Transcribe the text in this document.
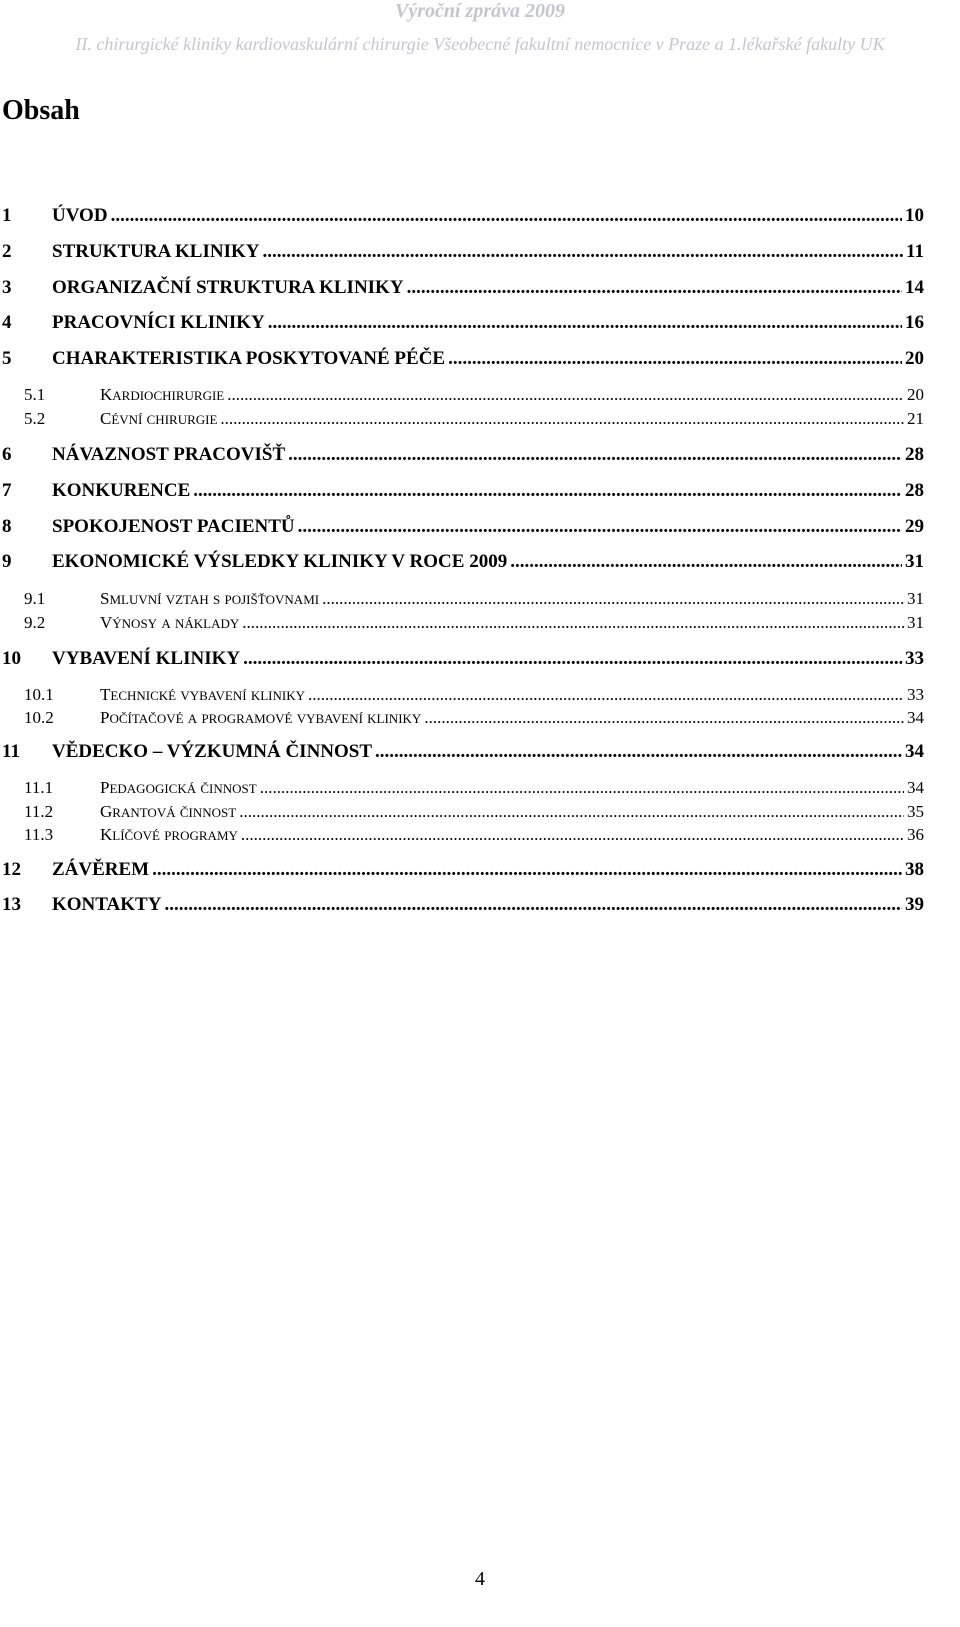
Výroční zpráva 2009
II. chirurgické kliniky kardiovaskulární chirurgie Všeobecné fakultní nemocnice v Praze a 1.lékařské fakulty UK
Obsah
1	ÚVOD .....	10
2	STRUKTURA KLINIKY .....	11
3	ORGANIZAČNÍ STRUKTURA KLINIKY .....	14
4	PRACOVNÍCI KLINIKY .....	16
5	CHARAKTERISTIKA POSKYTOVANÉ PÉČE .....	20
5.1	KARDIOCHIRURGIE .....	20
5.2	CÉVNÍ CHIRURGIE .....	21
6	NÁVAZNOST PRACOVIŠŤ .....	28
7	KONKURENCE .....	28
8	SPOKOJENOST PACIENTŮ .....	29
9	EKONOMICKÉ VÝSLEDKY KLINIKY V ROCE 2009 .....	31
9.1	SMLUVNÍ VZTAH S POJIŠŤOVNAMI .....	31
9.2	VÝNOSY A NÁKLADY .....	31
10	VYBAVENÍ KLINIKY .....	33
10.1	TECHNICKÉ VYBAVENÍ KLINIKY .....	33
10.2	POČÍTAČOVÉ A PROGRAMOVÉ VYBAVENÍ KLINIKY .....	34
11	VĚDECKO – VÝZKUMNÁ ČINNOST .....	34
11.1	PEDAGOGICKÁ ČINNOST .....	34
11.2	GRANTOVÁ ČINNOST .....	35
11.3	KLÍČOVÉ PROGRAMY .....	36
12	ZÁVĚREM .....	38
13	KONTAKTY .....	39
4
